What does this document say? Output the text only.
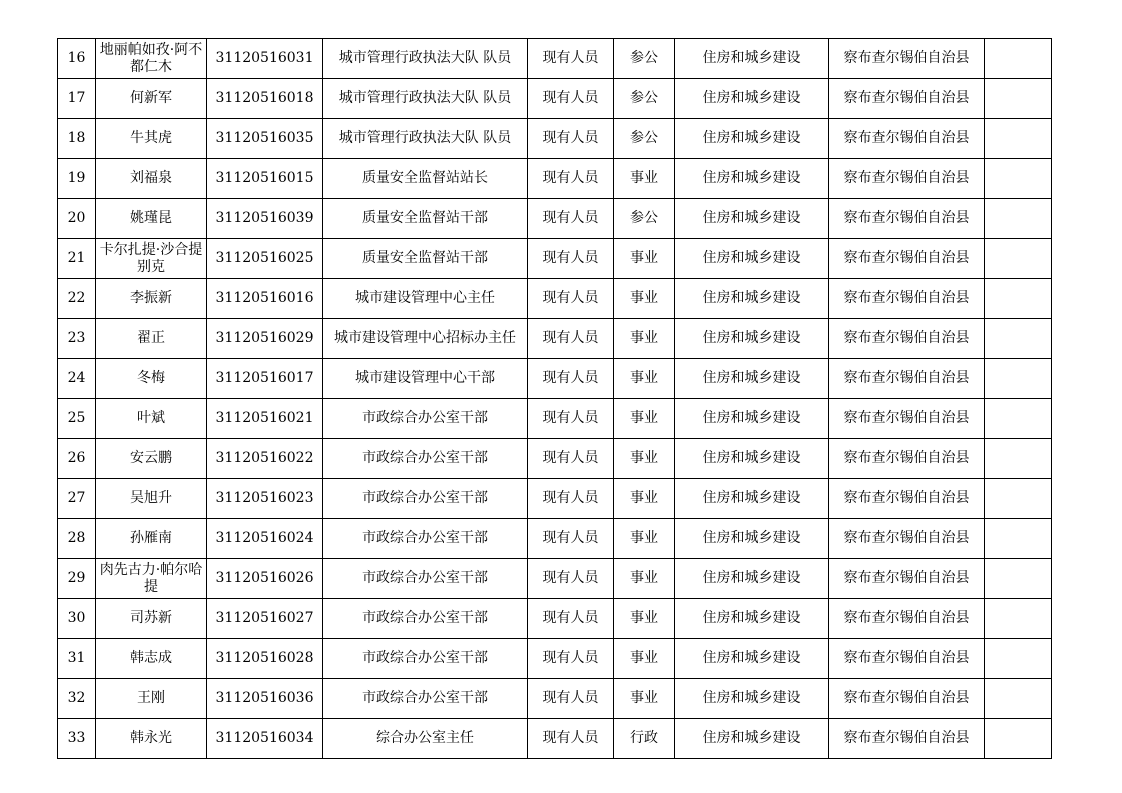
16	地丽帕如孜·阿不都仁木	31120516031	城市管理行政执法大队 队员	现有人员	参公	住房和城乡建设	察布查尔锡伯自治县	
17	何新军	31120516018	城市管理行政执法大队 队员	现有人员	参公	住房和城乡建设	察布查尔锡伯自治县	
18	牛其虎	31120516035	城市管理行政执法大队 队员	现有人员	参公	住房和城乡建设	察布查尔锡伯自治县	
19	刘福泉	31120516015	质量安全监督站站长	现有人员	事业	住房和城乡建设	察布查尔锡伯自治县	
20	姚瑾昆	31120516039	质量安全监督站干部	现有人员	参公	住房和城乡建设	察布查尔锡伯自治县	
21	卡尔扎提·沙合提别克	31120516025	质量安全监督站干部	现有人员	事业	住房和城乡建设	察布查尔锡伯自治县	
22	李振新	31120516016	城市建设管理中心主任	现有人员	事业	住房和城乡建设	察布查尔锡伯自治县	
23	翟正	31120516029	城市建设管理中心招标办主任	现有人员	事业	住房和城乡建设	察布查尔锡伯自治县	
24	冬梅	31120516017	城市建设管理中心干部	现有人员	事业	住房和城乡建设	察布查尔锡伯自治县	
25	叶斌	31120516021	市政综合办公室干部	现有人员	事业	住房和城乡建设	察布查尔锡伯自治县	
26	安云鹏	31120516022	市政综合办公室干部	现有人员	事业	住房和城乡建设	察布查尔锡伯自治县	
27	吴旭升	31120516023	市政综合办公室干部	现有人员	事业	住房和城乡建设	察布查尔锡伯自治县	
28	孙雁南	31120516024	市政综合办公室干部	现有人员	事业	住房和城乡建设	察布查尔锡伯自治县	
29	肉先古力·帕尔哈提	31120516026	市政综合办公室干部	现有人员	事业	住房和城乡建设	察布查尔锡伯自治县	
30	司苏新	31120516027	市政综合办公室干部	现有人员	事业	住房和城乡建设	察布查尔锡伯自治县	
31	韩志成	31120516028	市政综合办公室干部	现有人员	事业	住房和城乡建设	察布查尔锡伯自治县	
32	王刚	31120516036	市政综合办公室干部	现有人员	事业	住房和城乡建设	察布查尔锡伯自治县	
33	韩永光	31120516034	综合办公室主任	现有人员	行政	住房和城乡建设	察布查尔锡伯自治县	
